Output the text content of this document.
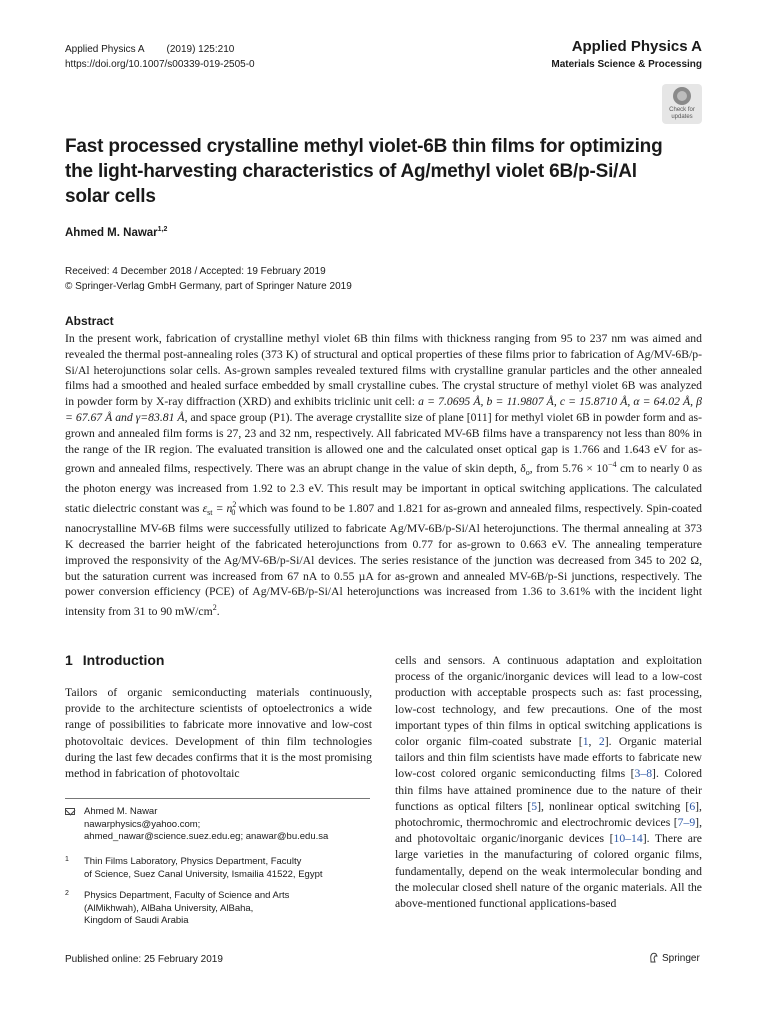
Applied Physics A (2019) 125:210
https://doi.org/10.1007/s00339-019-2505-0
Applied Physics A
Materials Science & Processing
Check for
updates
Fast processed crystalline methyl violet-6B thin films for optimizing the light-harvesting characteristics of Ag/methyl violet 6B/p-Si/Al solar cells
Ahmed M. Nawar$^{1,2}$
Received: 4 December 2018 / Accepted: 19 February 2019
© Springer-Verlag GmbH Germany, part of Springer Nature 2019
Abstract
In the present work, fabrication of crystalline methyl violet 6B thin films with thickness ranging from 95 to 237 nm was aimed and revealed the thermal post-annealing roles (373 K) of structural and optical properties of these films prior to fabrication of Ag/MV-6B/p-Si/Al heterojunctions solar cells. As-grown samples revealed textured films with crystalline granular particles and the other annealed films had a smoothed and healed surface embedded by small crystalline cubes. The crystal structure of methyl violet 6B was analyzed in powder form by X-ray diffraction (XRD) and exhibits triclinic unit cell: a = 7.0695 Å, b = 11.9807 Å, c = 15.8710 Å, α = 64.02 Å, β = 67.67 Å and γ=83.81 Å, and space group (P1). The average crystallite size of plane [011] for methyl violet 6B in powder form and as-grown and annealed film forms is 27, 23 and 32 nm, respectively. All fabricated MV-6B films have a transparency not less than 80% in the range of the IR region. The evaluated transition is allowed one and the calculated onset optical gap is 1.766 and 1.643 eV for as-grown and annealed films, respectively. There was an abrupt change in the value of skin depth, $\delta_o$, from $5.76 \times 10^{-4}$ cm to nearly 0 as the photon energy was increased from 1.92 to 2.3 eV. This result may be important in optical switching applications. The calculated static dielectric constant was $\varepsilon_{st} = n^2_0$ which was found to be 1.807 and 1.821 for as-grown and annealed films, respectively. Spin-coated nanocrystalline MV-6B films were successfully utilized to fabricate Ag/MV-6B/p-Si/Al heterojunctions. The thermal annealing at 373 K decreased the barrier height of the fabricated heterojunctions from 0.77 for as-grown to 0.663 eV. The annealing temperature improved the responsivity of the Ag/MV-6B/p-Si/Al devices. The series resistance of the junction was decreased from 345 to 202 Ω, but the saturation current was increased from 67 nA to 0.55 µA for as-grown and annealed MV-6B/p-Si junctions, respectively. The power conversion efficiency (PCE) of Ag/MV-6B/p-Si/Al heterojunctions was increased from 1.36 to 3.61% with the incident light intensity from 31 to 90 $mW/cm^2$.
1 Introduction
Tailors of organic semiconducting materials continuously, provide to the architecture scientists of optoelectronics a wide range of possibilities to fabricate more innovative and low-cost photovoltaic devices. Development of thin film technologies during the last few decades confirms that it is the most promising method in fabrication of photovoltaic
cells and sensors. A continuous adaptation and exploitation process of the organic/inorganic devices will lead to a low-cost production with acceptable prospects such as: fast processing, low-cost technology, and few precautions. One of the most important types of thin films in optical switching applications is color organic film-coated substrate [1, 2]. Organic material tailors and thin film scientists have made efforts to fabricate new low-cost colored organic semiconducting films [3–8]. Colored thin films have attained prominence due to the nature of their functions as optical filters [5], nonlinear optical switching [6], photochromic, thermochromic and electrochromic devices [7–9], and photovoltaic organic/inorganic devices [10–14]. There are large varieties in the manufacturing of colored organic films, fundamentally, depend on the weak intermolecular bonding and the molecular closed shell nature of the organic materials. All the above-mentioned functional applications-based
Ahmed M. Nawar
nawarphysics@yahoo.com;
ahmed_nawar@science.suez.edu.eg; anawar@bu.edu.sa
1 Thin Films Laboratory, Physics Department, Faculty
of Science, Suez Canal University, Ismailia 41522, Egypt
2 Physics Department, Faculty of Science and Arts
(AlMikhwah), AlBaha University, AlBaha,
Kingdom of Saudi Arabia
Published online: 25 February 2019	Springer
